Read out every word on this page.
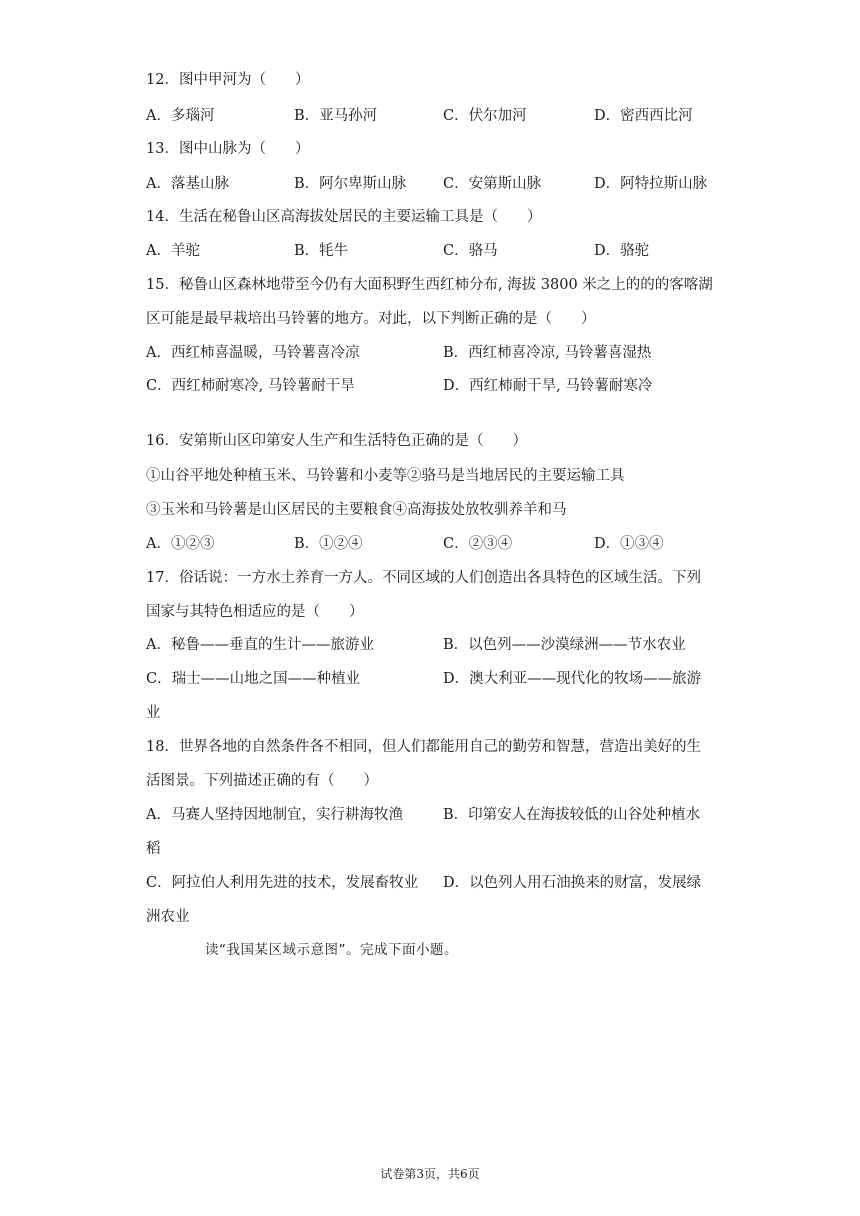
12．图中甲河为（　　）
A．多瑙河	B．亚马孙河	C．伏尔加河	D．密西西比河
13．图中山脉为（　　）
A．落基山脉	B．阿尔卑斯山脉	C．安第斯山脉	D．阿特拉斯山脉
14．生活在秘鲁山区高海拔处居民的主要运输工具是（　　）
A．羊驼	B．牦牛	C．骆马	D．骆驼
15．秘鲁山区森林地带至今仍有大面积野生西红柿分布, 海拔 3800 米之上的的的客喀湖
区可能是最早栽培出马铃薯的地方。对此，以下判断正确的是（　　）
A．西红柿喜温暖，马铃薯喜冷凉	B．西红柿喜冷凉, 马铃薯喜湿热
C．西红柿耐寒冷, 马铃薯耐干旱	D．西红柿耐干旱, 马铃薯耐寒冷
16．安第斯山区印第安人生产和生活特色正确的是（　　）
①山谷平地处种植玉米、马铃薯和小麦等②骆马是当地居民的主要运输工具
③玉米和马铃薯是山区居民的主要粮食④高海拔处放牧驯养羊和马
A．①②③	B．①②④	C．②③④	D．①③④
17．俗话说：一方水土养育一方人。不同区域的人们创造出各具特色的区域生活。下列
国家与其特色相适应的是（　　）
A．秘鲁——垂直的生计——旅游业	B．以色列——沙漠绿洲——节水农业
C．瑞士——山地之国——种植业	D．澳大利亚——现代化的牧场——旅游
业
18．世界各地的自然条件各不相同，但人们都能用自己的勤劳和智慧，营造出美好的生
活图景。下列描述正确的有（　　）
A．马赛人坚持因地制宜，实行耕海牧渔	B．印第安人在海拔较低的山谷处种植水
稻
C．阿拉伯人利用先进的技术，发展畜牧业 D．以色列人用石油换来的财富，发展绿
洲农业
读“我国某区域示意图”。完成下面小题。
试卷第3页，共6页
